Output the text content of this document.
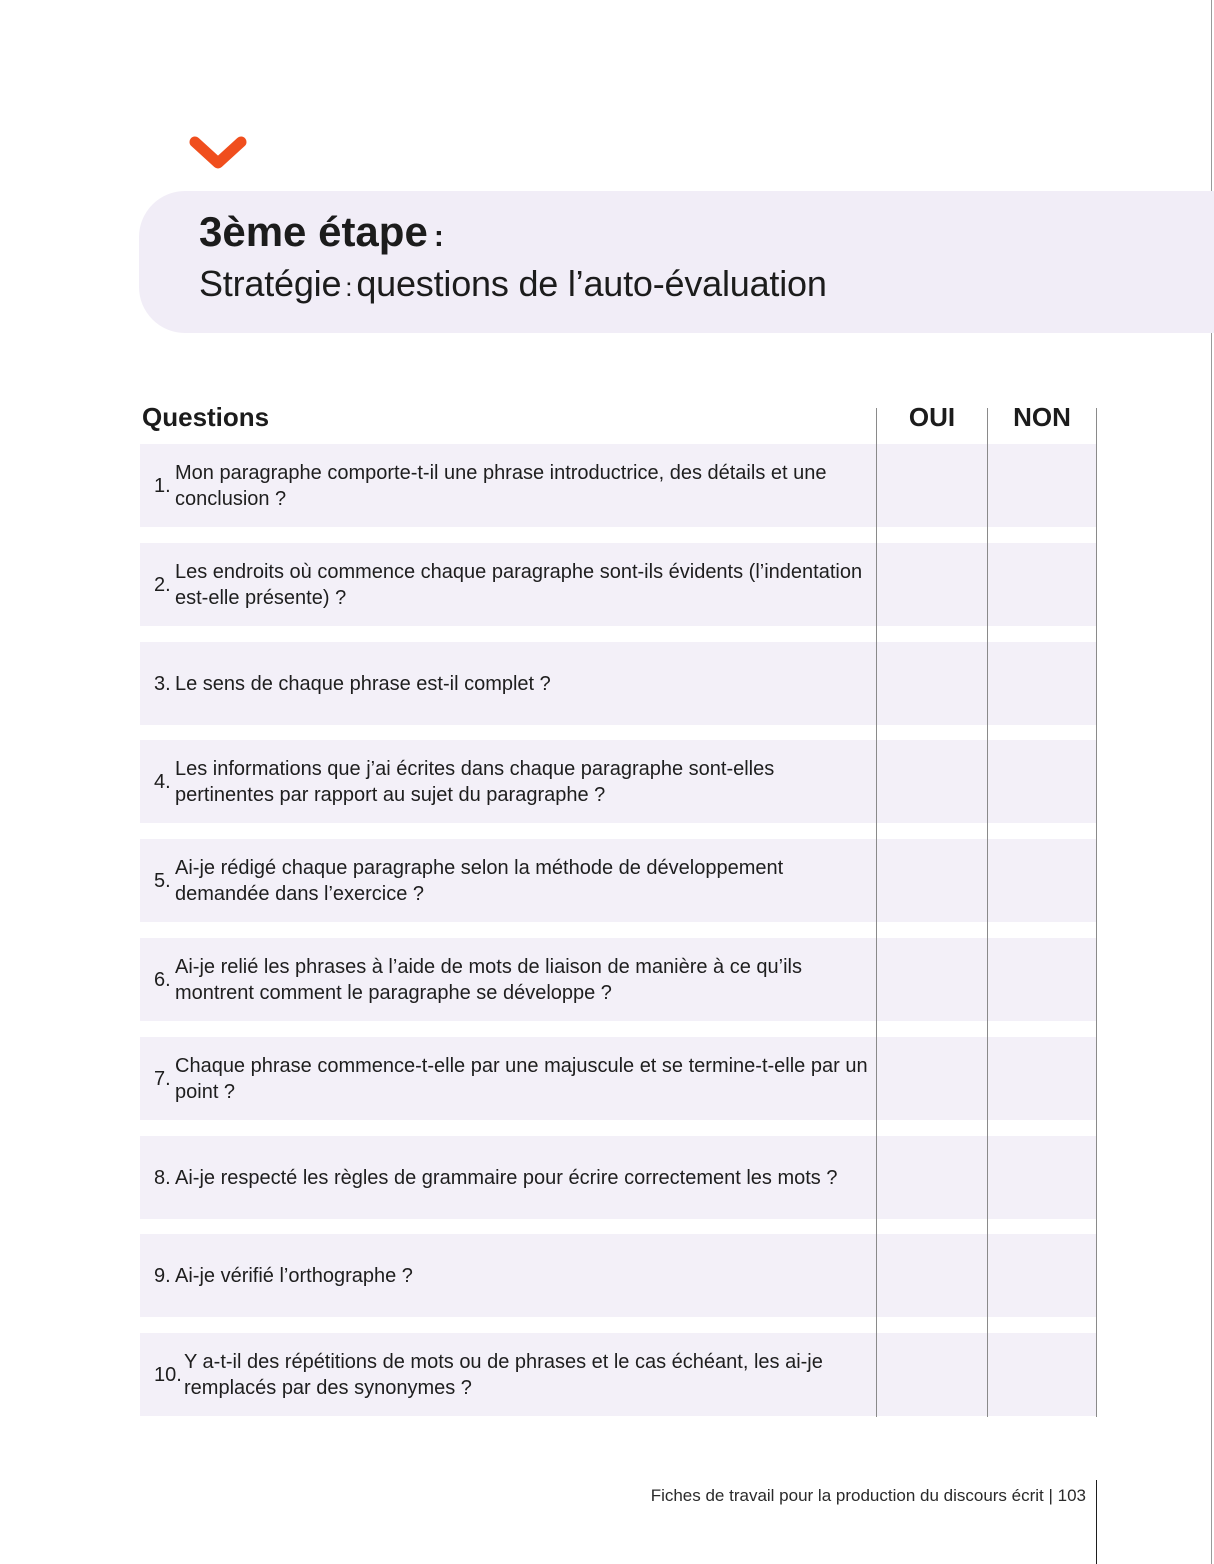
3ème étape :
Stratégie : questions de l’auto-évaluation
Questions	OUI	NON
1.
Mon paragraphe comporte-t-il une phrase introductrice, des détails et une conclusion ?
2.
Les endroits où commence chaque paragraphe sont-ils évidents (l’indentation est-elle présente) ?
3. Le sens de chaque phrase est-il complet ?
4.
Les informations que j’ai écrites dans chaque paragraphe sont-elles pertinentes par rapport au sujet du paragraphe ?
5.
Ai-je rédigé chaque paragraphe selon la méthode de développement demandée dans l’exercice ?
6.
Ai-je relié les phrases à l’aide de mots de liaison de manière à ce qu’ils montrent comment le paragraphe se développe ?
7.
Chaque phrase commence-t-elle par une majuscule et se termine-t-elle par un point ?
8. Ai-je respecté les règles de grammaire pour écrire correctement les mots ?
9. Ai-je vérifié l’orthographe ?
10.
Y a-t-il des répétitions de mots ou de phrases et le cas échéant, les ai-je remplacés par des synonymes ?
Fiches de travail pour la production du discours écrit | 103
